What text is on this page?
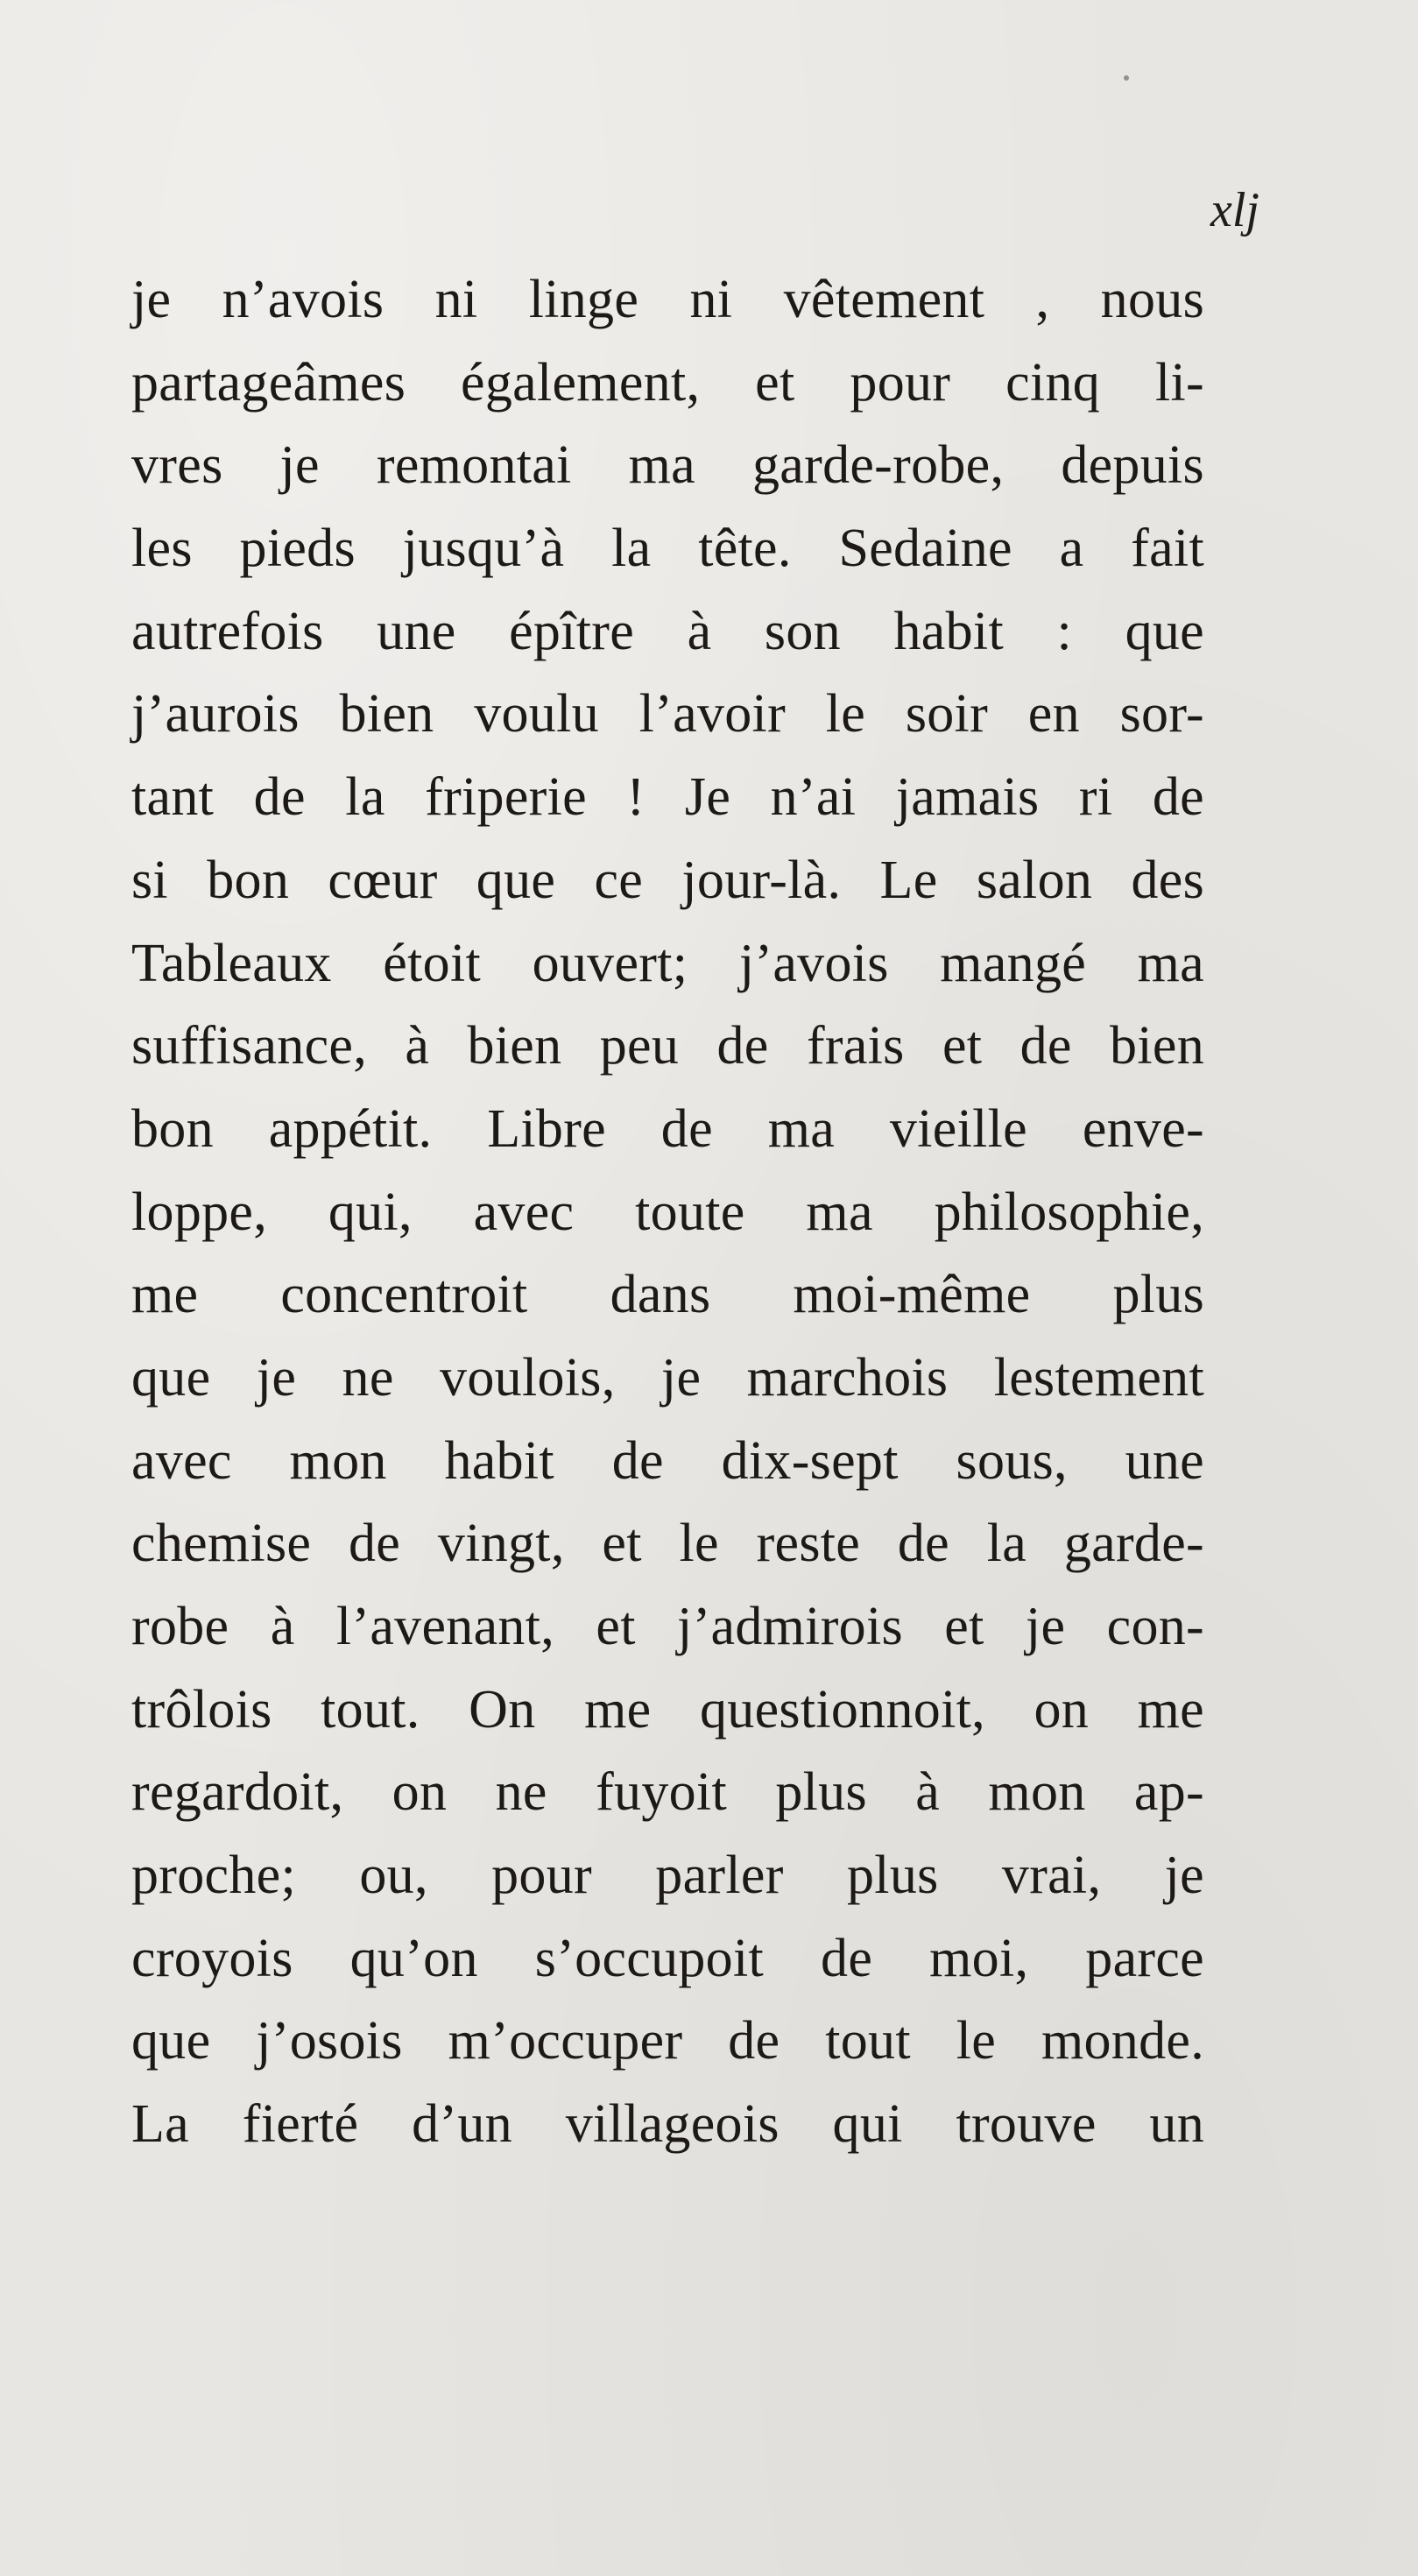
xlj
je n’avois ni linge ni vêtement , nous
partageâmes également, et pour cinq li-
vres je remontai ma garde-robe, depuis
les pieds jusqu’à la tête. Sedaine a fait
autrefois une épître à son habit : que
j’aurois bien voulu l’avoir le soir en sor-
tant de la friperie ! Je n’ai jamais ri de
si bon cœur que ce jour-là. Le salon des
Tableaux étoit ouvert; j’avois mangé ma
suffisance, à bien peu de frais et de bien
bon appétit. Libre de ma vieille enve-
loppe, qui, avec toute ma philosophie,
me concentroit dans moi-même plus
que je ne voulois, je marchois lestement
avec mon habit de dix-sept sous, une
chemise de vingt, et le reste de la garde-
robe à l’avenant, et j’admirois et je con-
trôlois tout. On me questionnoit, on me
regardoit, on ne fuyoit plus à mon ap-
proche; ou, pour parler plus vrai, je
croyois qu’on s’occupoit de moi, parce
que j’osois m’occuper de tout le monde.
La fierté d’un villageois qui trouve un
